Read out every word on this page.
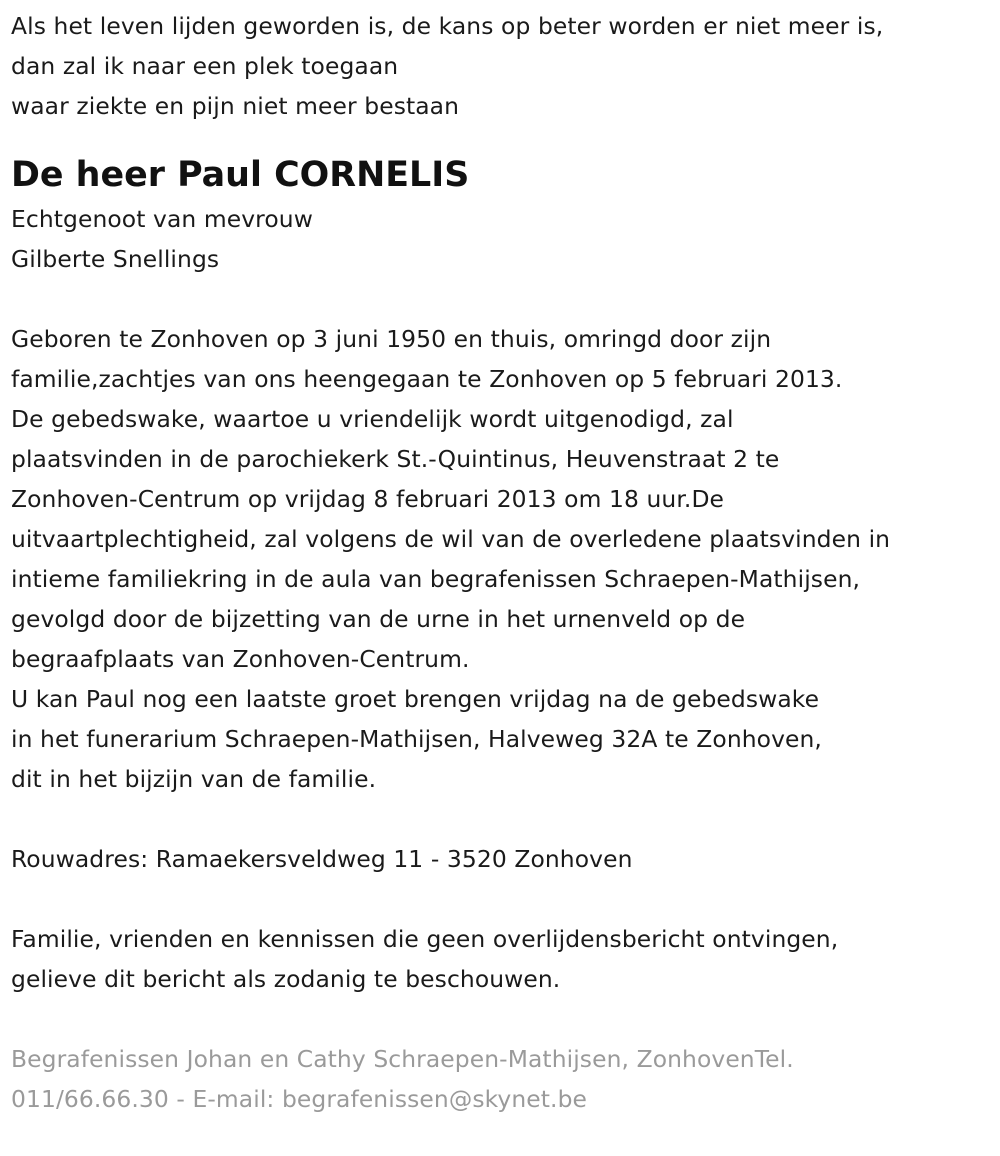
Als het leven lijden geworden is, de kans op beter worden er niet meer is,
dan zal ik naar een plek toegaan
waar ziekte en pijn niet meer bestaan
De heer Paul CORNELIS
Echtgenoot van mevrouw
Gilberte Snellings
Geboren te Zonhoven op 3 juni 1950 en thuis, omringd door zijn
familie,zachtjes van ons heengegaan te Zonhoven op 5 februari 2013.
De gebedswake, waartoe u vriendelijk wordt uitgenodigd, zal
plaatsvinden in de parochiekerk St.-Quintinus, Heuvenstraat 2 te
Zonhoven-Centrum op vrijdag 8 februari 2013 om 18 uur.De
uitvaartplechtigheid, zal volgens de wil van de overledene plaatsvinden in
intieme familiekring in de aula van begrafenissen Schraepen-Mathijsen,
gevolgd door de bijzetting van de urne in het urnenveld op de
begraafplaats van Zonhoven-Centrum.
U kan Paul nog een laatste groet brengen vrijdag na de gebedswake
in het funerarium Schraepen-Mathijsen, Halveweg 32A te Zonhoven,
dit in het bijzijn van de familie.
Rouwadres: Ramaekersveldweg 11 - 3520 Zonhoven
Familie, vrienden en kennissen die geen overlijdensbericht ontvingen,
gelieve dit bericht als zodanig te beschouwen.
Begrafenissen Johan en Cathy Schraepen-Mathijsen, ZonhovenTel.
011/66.66.30 - E-mail: begrafenissen@skynet.be
